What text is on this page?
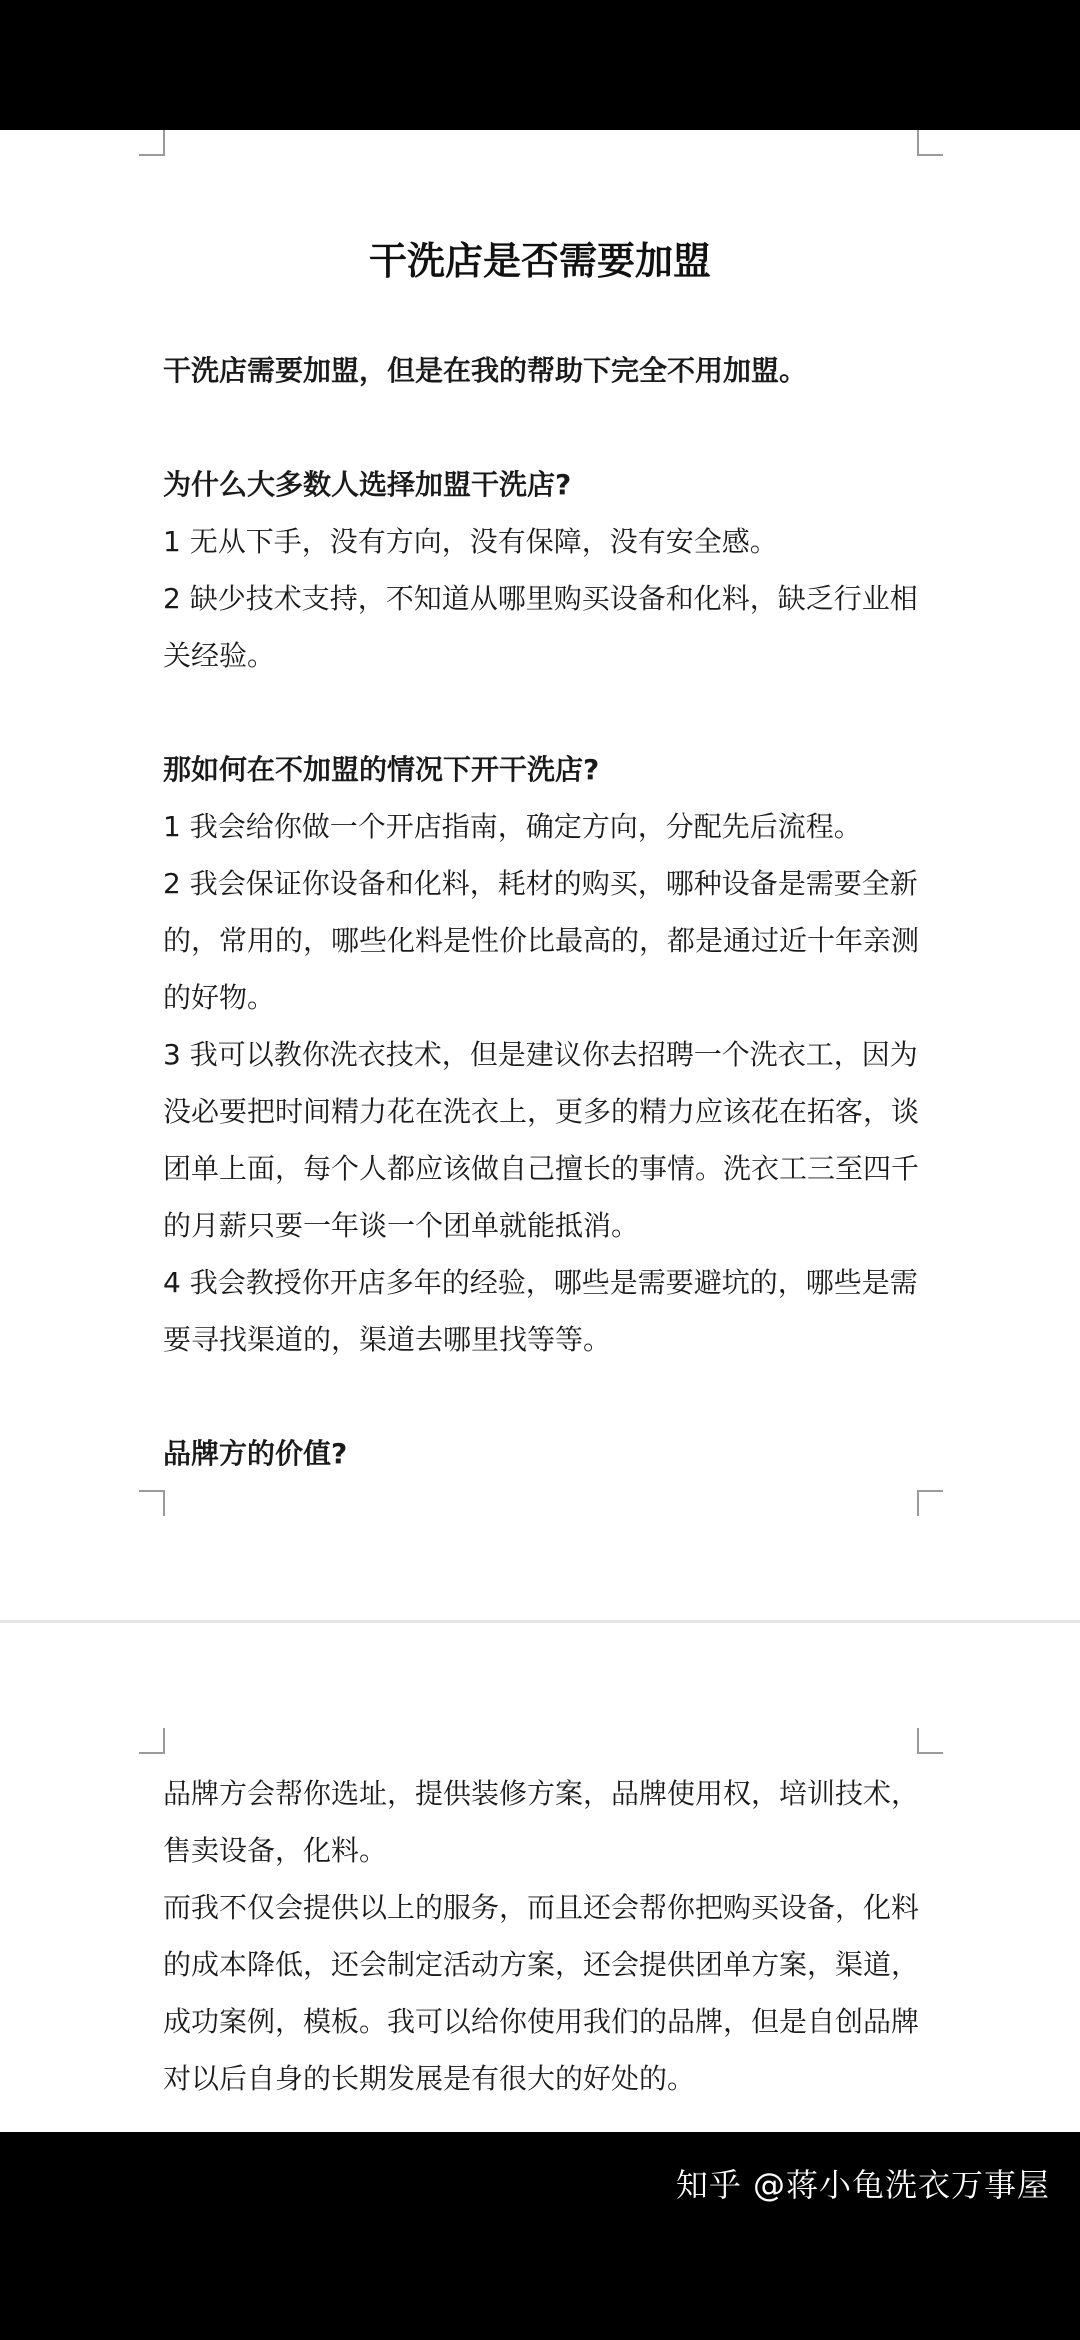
干洗店是否需要加盟

干洗店需要加盟，但是在我的帮助下完全不用加盟。

为什么大多数人选择加盟干洗店?

1 无从下手，没有方向，没有保障，没有安全感。

2 缺少技术支持，不知道从哪里购买设备和化料，缺乏行业相关经验。

那如何在不加盟的情况下开干洗店?

1 我会给你做一个开店指南，确定方向，分配先后流程。

2 我会保证你设备和化料，耗材的购买，哪种设备是需要全新的，常用的，哪些化料是性价比最高的，都是通过近十年亲测的好物。

3 我可以教你洗衣技术，但是建议你去招聘一个洗衣工，因为没必要把时间精力花在洗衣上，更多的精力应该花在拓客，谈团单上面，每个人都应该做自己擅长的事情。洗衣工三至四千的月薪只要一年谈一个团单就能抵消。

4 我会教授你开店多年的经验，哪些是需要避坑的，哪些是需要寻找渠道的，渠道去哪里找等等。

品牌方的价值?

品牌方会帮你选址，提供装修方案，品牌使用权，培训技术，售卖设备，化料。

而我不仅会提供以上的服务，而且还会帮你把购买设备，化料的成本降低，还会制定活动方案，还会提供团单方案，渠道，成功案例，模板。我可以给你使用我们的品牌，但是自创品牌对以后自身的长期发展是有很大的好处的。

知乎 @蒋小龟洗衣万事屋
